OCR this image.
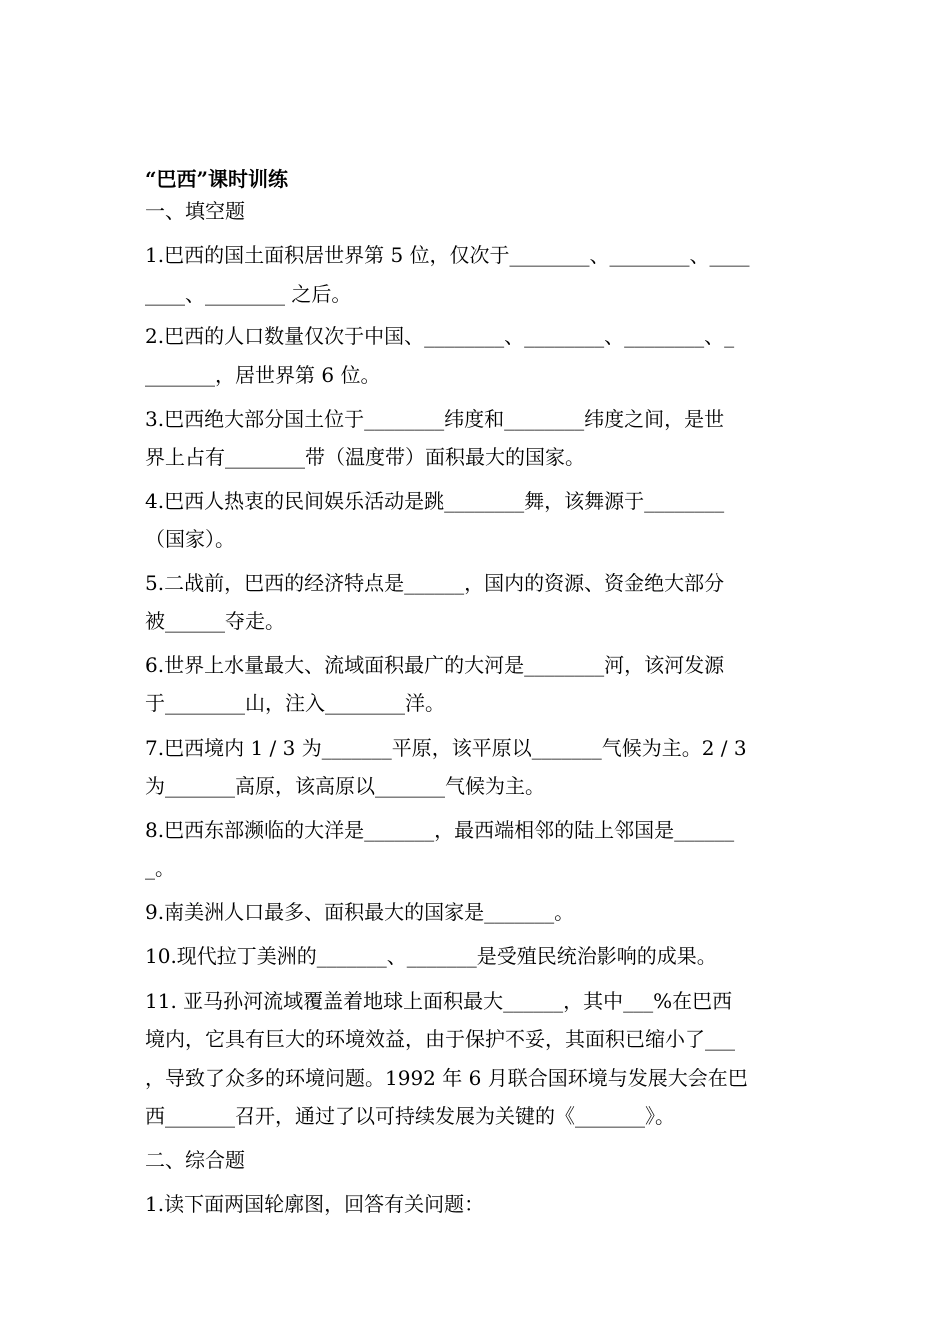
“巴西”课时训练
一、填空题
1.巴西的国土面积居世界第 5 位，仅次于________、________、____
____、________ 之后。
2.巴西的人口数量仅次于中国、________、________、________、_
_______，居世界第 6 位。
3.巴西绝大部分国土位于________纬度和________纬度之间，是世
界上占有________带（温度带）面积最大的国家。
4.巴西人热衷的民间娱乐活动是跳________舞，该舞源于________
（国家）。
5.二战前，巴西的经济特点是______，国内的资源、资金绝大部分
被______夺走。
6.世界上水量最大、流域面积最广的大河是________河，该河发源
于________山，注入________洋。
7.巴西境内 1 / 3 为_______平原，该平原以_______气候为主。2 / 3
为_______高原，该高原以_______气候为主。
8.巴西东部濒临的大洋是_______，最西端相邻的陆上邻国是______
_。
9.南美洲人口最多、面积最大的国家是_______。
10.现代拉丁美洲的_______、_______是受殖民统治影响的成果。
11. 亚马孙河流域覆盖着地球上面积最大______，其中___%在巴西
境内，它具有巨大的环境效益，由于保护不妥，其面积已缩小了___
，导致了众多的环境问题。1992 年 6 月联合国环境与发展大会在巴
西_______召开，通过了以可持续发展为关键的《_______》。
二、综合题
1.读下面两国轮廓图，回答有关问题：
